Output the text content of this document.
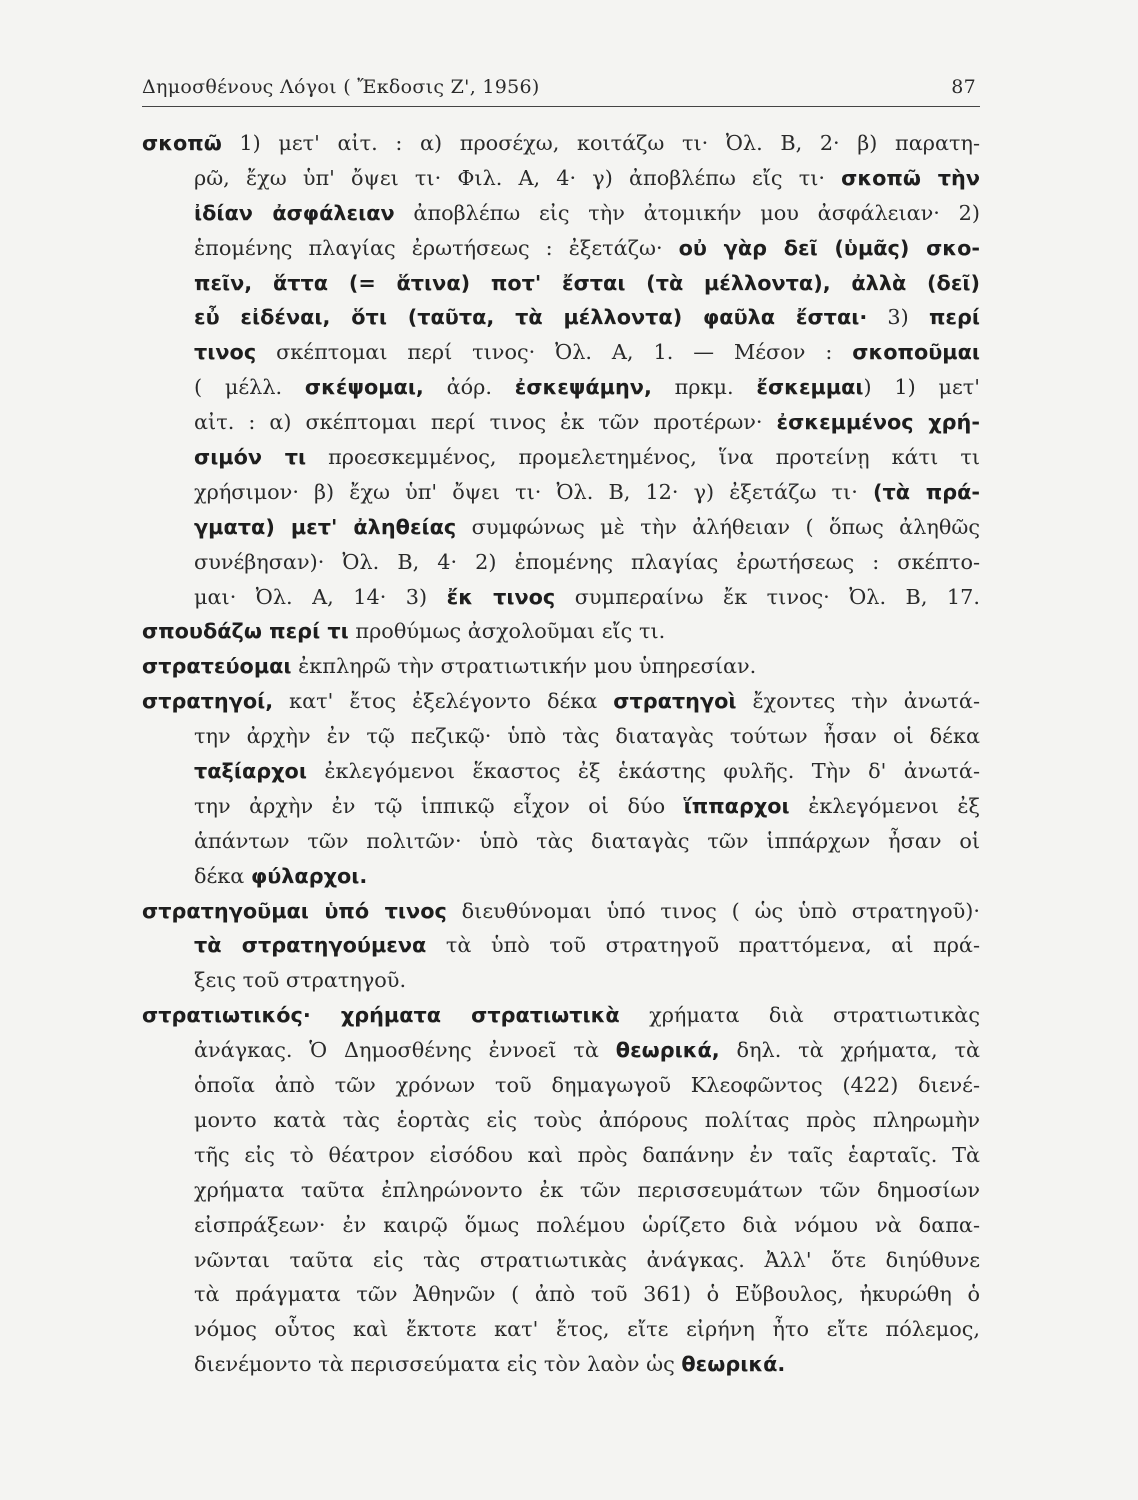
Δημοσθένους Λόγοι ( Ἔκδοσις Ζ', 1956)	87
σκοπῶ 1) μετ' αἰτ. : α) προσέχω, κοιτάζω τι· Ὀλ. Β, 2· β) παρατη-
ρῶ, ἔχω ὑπ' ὄψει τι· Φιλ. Α, 4· γ) ἀποβλέπω εἴς τι· σκοπῶ τὴν
ἰδίαν ἀσφάλειαν ἀποβλέπω εἰς τὴν ἀτομικήν μου ἀσφάλειαν· 2)
ἑπομένης πλαγίας ἐρωτήσεως : ἐξετάζω· οὐ γὰρ δεῖ (ὑμᾶς) σκο-
πεῖν, ἅττα (= ἅτινα) ποτ' ἔσται (τὰ μέλλοντα), ἀλλὰ (δεῖ)
εὖ εἰδέναι, ὅτι (ταῦτα, τὰ μέλλοντα) φαῦλα ἔσται· 3) περί
τινος σκέπτομαι περί τινος· Ὀλ. Α, 1. — Μέσον : σκοποῦμαι
( μέλλ. σκέψομαι, ἀόρ. ἐσκεψάμην, πρκμ. ἔσκεμμαι) 1) μετ'
αἰτ. : α) σκέπτομαι περί τινος ἐκ τῶν προτέρων· ἐσκεμμένος χρή-
σιμόν τι προεσκεμμένος, προμελετημένος, ἵνα προτείνῃ κάτι τι
χρήσιμον· β) ἔχω ὑπ' ὄψει τι· Ὀλ. Β, 12· γ) ἐξετάζω τι· (τὰ πρά-
γματα) μετ' ἀληθείας συμφώνως μὲ τὴν ἀλήθειαν ( ὅπως ἀληθῶς
συνέβησαν)· Ὀλ. Β, 4· 2) ἑπομένης πλαγίας ἐρωτήσεως : σκέπτο-
μαι· Ὀλ. Α, 14· 3) ἔκ τινος συμπεραίνω ἔκ τινος· Ὀλ. Β, 17.
σπουδάζω περί τι προθύμως ἀσχολοῦμαι εἴς τι.
στρατεύομαι ἐκπληρῶ τὴν στρατιωτικήν μου ὑπηρεσίαν.
στρατηγοί, κατ' ἔτος ἐξελέγοντο δέκα στρατηγοὶ ἔχοντες τὴν ἀνωτά-
την ἀρχὴν ἐν τῷ πεζικῷ· ὑπὸ τὰς διαταγὰς τούτων ἦσαν οἱ δέκα
ταξίαρχοι ἐκλεγόμενοι ἕκαστος ἐξ ἑκάστης φυλῆς. Τὴν δ' ἀνωτά-
την ἀρχὴν ἐν τῷ ἱππικῷ εἶχον οἱ δύο ἵππαρχοι ἐκλεγόμενοι ἐξ
ἁπάντων τῶν πολιτῶν· ὑπὸ τὰς διαταγὰς τῶν ἱππάρχων ἦσαν οἱ
δέκα φύλαρχοι.
στρατηγοῦμαι ὑπό τινος διευθύνομαι ὑπό τινος ( ὡς ὑπὸ στρατηγοῦ)·
τὰ στρατηγούμενα τὰ ὑπὸ τοῦ στρατηγοῦ πραττόμενα, αἱ πρά-
ξεις τοῦ στρατηγοῦ.
στρατιωτικός· χρήματα στρατιωτικὰ χρήματα διὰ στρατιωτικὰς
ἀνάγκας. Ὁ Δημοσθένης ἐννοεῖ τὰ θεωρικά, δηλ. τὰ χρήματα, τὰ
ὁποῖα ἀπὸ τῶν χρόνων τοῦ δημαγωγοῦ Κλεοφῶντος (422) διενέ-
μοντο κατὰ τὰς ἑορτὰς εἰς τοὺς ἀπόρους πολίτας πρὸς πληρωμὴν
τῆς εἰς τὸ θέατρον εἰσόδου καὶ πρὸς δαπάνην ἐν ταῖς ἑαρταῖς. Τὰ
χρήματα ταῦτα ἐπληρώνοντο ἐκ τῶν περισσευμάτων τῶν δημοσίων
εἰσπράξεων· ἐν καιρῷ ὅμως πολέμου ὡρίζετο διὰ νόμου νὰ δαπα-
νῶνται ταῦτα εἰς τὰς στρατιωτικὰς ἀνάγκας. Ἀλλ' ὅτε διηύθυνε
τὰ πράγματα τῶν Ἀθηνῶν ( ἀπὸ τοῦ 361) ὁ Εὔβουλος, ἠκυρώθη ὁ
νόμος οὗτος καὶ ἔκτοτε κατ' ἔτος, εἴτε εἰρήνη ἦτο εἴτε πόλεμος,
διενέμοντο τὰ περισσεύματα εἰς τὸν λαὸν ὡς θεωρικά.
